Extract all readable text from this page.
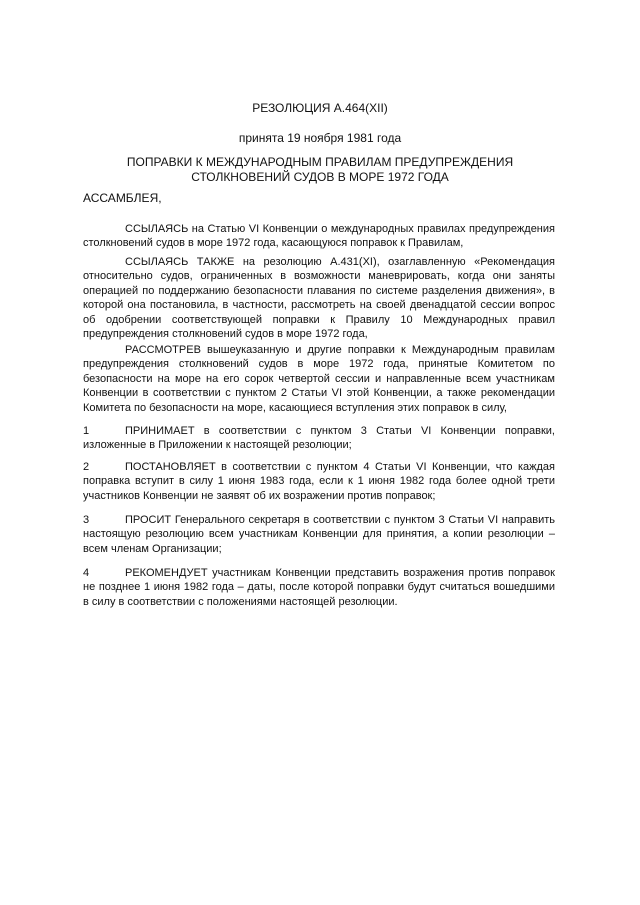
РЕЗОЛЮЦИЯ А.464(XII)

принята 19 ноября 1981 года

ПОПРАВКИ К МЕЖДУНАРОДНЫМ ПРАВИЛАМ ПРЕДУПРЕЖДЕНИЯ СТОЛКНОВЕНИЙ СУДОВ В МОРЕ 1972 ГОДА

АССАМБЛЕЯ,

ССЫЛАЯСЬ на Статью VI Конвенции о международных правилах предупреждения столкновений судов в море 1972 года, касающуюся поправок к Правилам,

ССЫЛАЯСЬ ТАКЖЕ на резолюцию А.431(XI), озаглавленную «Рекомендация относительно судов, ограниченных в возможности маневрировать, когда они заняты операцией по поддержанию безопасности плавания по системе разделения движения», в которой она постановила, в частности, рассмотреть на своей двенадцатой сессии вопрос об одобрении соответствующей поправки к Правилу 10 Международных правил предупреждения столкновений судов в море 1972 года,

РАССМОТРЕВ вышеуказанную и другие поправки к Международным правилам предупреждения столкновений судов в море 1972 года, принятые Комитетом по безопасности на море на его сорок четвертой сессии и направленные всем участникам Конвенции в соответствии с пунктом 2 Статьи VI этой Конвенции, а также рекомендации Комитета по безопасности на море, касающиеся вступления этих поправок в силу,

1	ПРИНИМАЕТ в соответствии с пунктом 3 Статьи VI Конвенции поправки, изложенные в Приложении к настоящей резолюции;

2	ПОСТАНОВЛЯЕТ в соответствии с пунктом 4 Статьи VI Конвенции, что каждая поправка вступит в силу 1 июня 1983 года, если к 1 июня 1982 года более одной трети участников Конвенции не заявят об их возражении против поправок;

3	ПРОСИТ Генерального секретаря в соответствии с пунктом 3 Статьи VI направить настоящую резолюцию всем участникам Конвенции для принятия, а копии резолюции – всем членам Организации;

4	РЕКОМЕНДУЕТ участникам Конвенции представить возражения против поправок не позднее 1 июня 1982 года – даты, после которой поправки будут считаться вошедшими в силу в соответствии с положениями настоящей резолюции.
